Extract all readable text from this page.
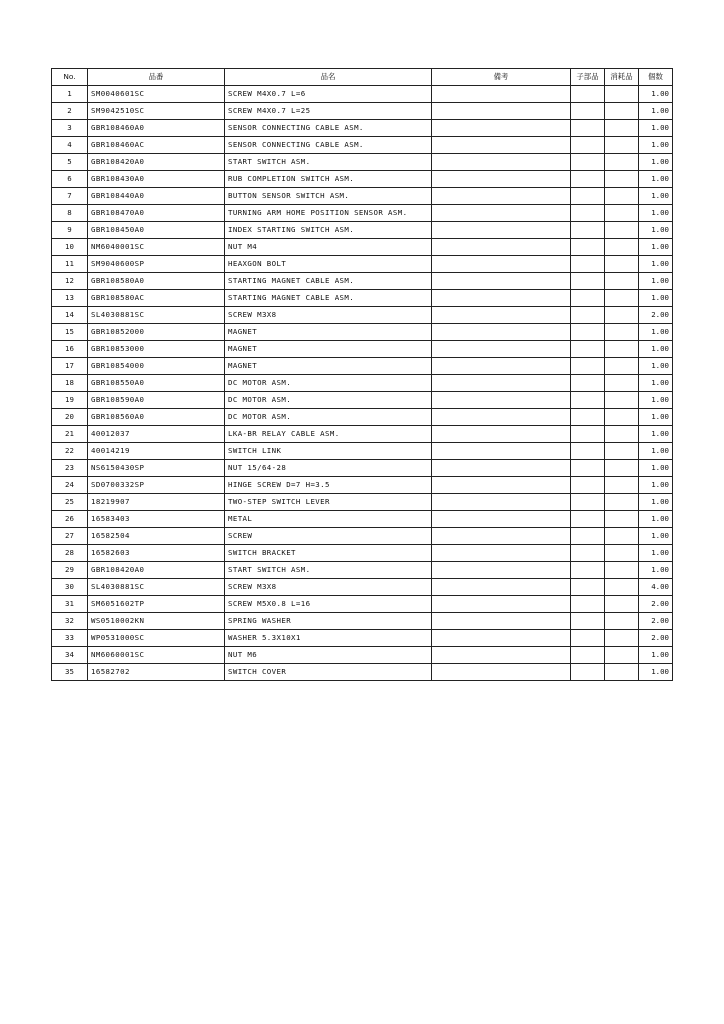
No.	品番	品名	備考	子部品	消耗品	個数
1	SM0040601SC	SCREW M4X0.7 L=6				1.00
2	SM9042510SC	SCREW M4X0.7 L=25				1.00
3	GBR108460A0	SENSOR CONNECTING CABLE ASM.				1.00
4	GBR108460AC	SENSOR CONNECTING CABLE ASM.				1.00
5	GBR108420A0	START SWITCH ASM.				1.00
6	GBR108430A0	RUB COMPLETION SWITCH ASM.				1.00
7	GBR108440A0	BUTTON SENSOR SWITCH ASM.				1.00
8	GBR108470A0	TURNING ARM HOME POSITION SENSOR ASM.				1.00
9	GBR108450A0	INDEX STARTING SWITCH ASM.				1.00
10	NM6040001SC	NUT M4				1.00
11	SM9040600SP	HEAXGON BOLT				1.00
12	GBR108580A0	STARTING MAGNET CABLE ASM.				1.00
13	GBR108580AC	STARTING MAGNET CABLE ASM.				1.00
14	SL4030881SC	SCREW M3X8				2.00
15	GBR10852000	MAGNET				1.00
16	GBR10853000	MAGNET				1.00
17	GBR10854000	MAGNET				1.00
18	GBR108550A0	DC MOTOR ASM.				1.00
19	GBR108590A0	DC MOTOR ASM.				1.00
20	GBR108560A0	DC MOTOR ASM.				1.00
21	40012037	LKA-BR RELAY CABLE ASM.				1.00
22	40014219	SWITCH LINK				1.00
23	NS6150430SP	NUT 15/64-28				1.00
24	SD0700332SP	HINGE SCREW D=7 H=3.5				1.00
25	18219907	TWO-STEP SWITCH LEVER				1.00
26	16583403	METAL				1.00
27	16582504	SCREW				1.00
28	16582603	SWITCH BRACKET				1.00
29	GBR108420A0	START SWITCH ASM.				1.00
30	SL4030881SC	SCREW M3X8				4.00
31	SM6051602TP	SCREW M5X0.8 L=16				2.00
32	WS0510002KN	SPRING WASHER				2.00
33	WP0531000SC	WASHER 5.3X10X1				2.00
34	NM6060001SC	NUT M6				1.00
35	16582702	SWITCH COVER				1.00
